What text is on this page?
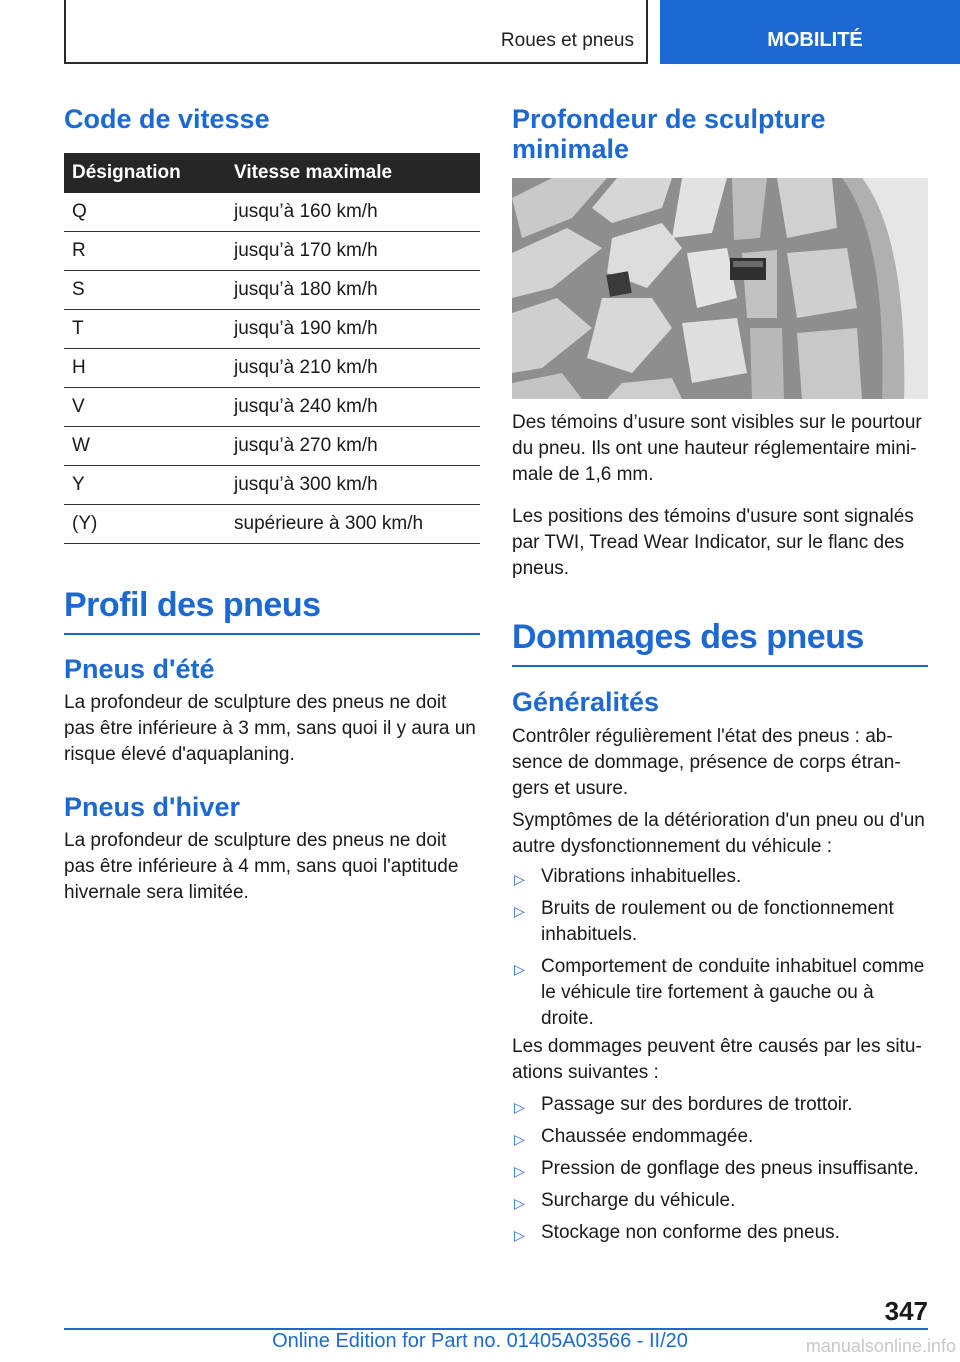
Roues et pneus	MOBILITÉ
Code de vitesse
Désignation	Vitesse maximale
Q	jusqu’à 160 km/h
R	jusqu’à 170 km/h
S	jusqu’à 180 km/h
T	jusqu’à 190 km/h
H	jusqu’à 210 km/h
V	jusqu’à 240 km/h
W	jusqu’à 270 km/h
Y	jusqu’à 300 km/h
(Y)	supérieure à 300 km/h
Profil des pneus
Pneus d'été

La profondeur de sculpture des pneus ne doit pas être inférieure à 3 mm, sans quoi il y aura un risque élevé d'aquaplaning.

Pneus d'hiver

La profondeur de sculpture des pneus ne doit pas être inférieure à 4 mm, sans quoi l'aptitude hivernale sera limitée.

Profondeur de sculpture minimale

Des témoins d’usure sont visibles sur le pourtour du pneu. Ils ont une hauteur réglementaire minimale de 1,6 mm.

Les positions des témoins d'usure sont signalés par TWI, Tread Wear Indicator, sur le flanc des pneus.

Dommages des pneus
Généralités

Contrôler régulièrement l'état des pneus : absence de dommage, présence de corps étrangers et usure.

Symptômes de la détérioration d'un pneu ou d'un autre dysfonctionnement du véhicule :

▷ Vibrations inhabituelles.
▷ Bruits de roulement ou de fonctionnement inhabituels.
▷ Comportement de conduite inhabituel comme le véhicule tire fortement à gauche ou à droite.

Les dommages peuvent être causés par les situations suivantes :

▷ Passage sur des bordures de trottoir.
▷ Chaussée endommagée.
▷ Pression de gonflage des pneus insuffisante.
▷ Surcharge du véhicule.
▷ Stockage non conforme des pneus.
347
Online Edition for Part no. 01405A03566 - II/20	manualsonline.info
